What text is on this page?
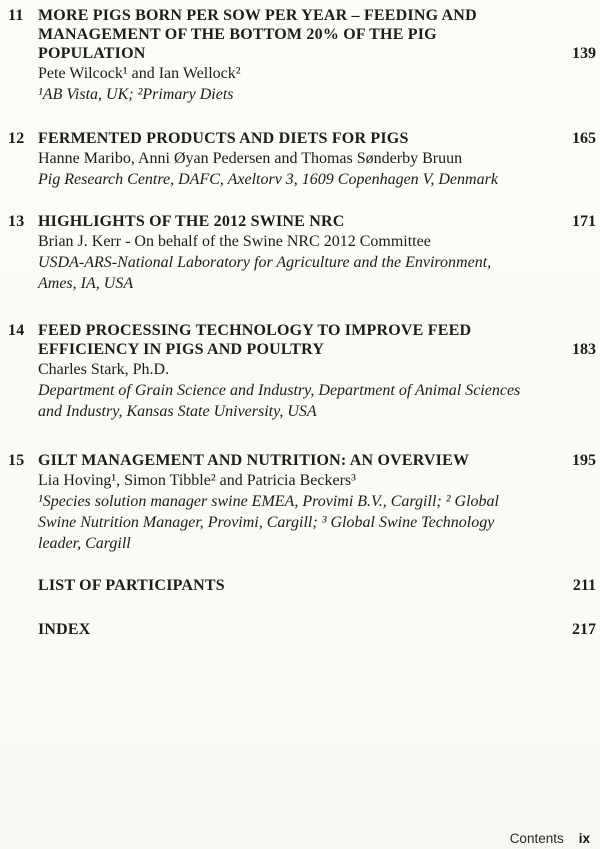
11 MORE PIGS BORN PER SOW PER YEAR – FEEDING AND
MANAGEMENT OF THE BOTTOM 20% OF THE PIG
POPULATION	139
Pete Wilcock¹ and Ian Wellock²
¹AB Vista, UK; ²Primary Diets
12 FERMENTED PRODUCTS AND DIETS FOR PIGS	165
Hanne Maribo, Anni Øyan Pedersen and Thomas Sønderby Bruun
Pig Research Centre, DAFC, Axeltorv 3, 1609 Copenhagen V, Denmark
13 HIGHLIGHTS OF THE 2012 SWINE NRC	171
Brian J. Kerr - On behalf of the Swine NRC 2012 Committee
USDA-ARS-National Laboratory for Agriculture and the Environment,
Ames, IA, USA
14 FEED PROCESSING TECHNOLOGY TO IMPROVE FEED
EFFICIENCY IN PIGS AND POULTRY	183
Charles Stark, Ph.D.
Department of Grain Science and Industry, Department of Animal Sciences
and Industry, Kansas State University, USA
15 GILT MANAGEMENT AND NUTRITION: AN OVERVIEW	195
Lia Hoving¹, Simon Tibble² and Patricia Beckers³
¹Species solution manager swine EMEA, Provimi B.V., Cargill; ² Global
Swine Nutrition Manager, Provimi, Cargill; ³ Global Swine Technology
leader, Cargill
LIST OF PARTICIPANTS	211
INDEX	217
Contents ix
